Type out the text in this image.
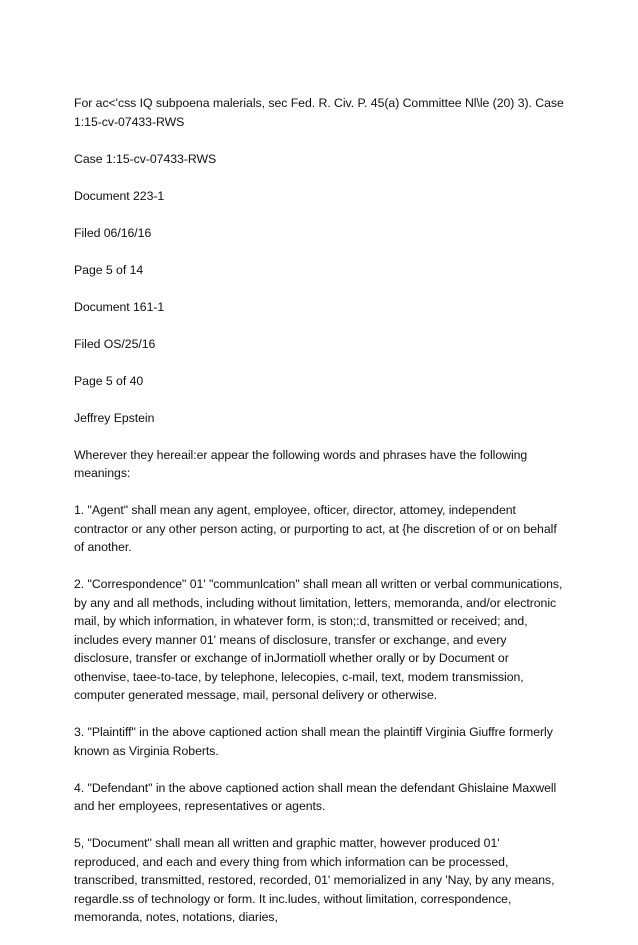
For ac<'css IQ subpoena malerials, sec Fed. R. Civ. P. 45(a) Committee Nl\le (20) 3). Case 1:15-cv-07433-RWS

Case 1:15-cv-07433-RWS

Document 223-1

Filed 06/16/16

Page 5 of 14

Document 161-1

Filed OS/25/16

Page 5 of 40

Jeffrey Epstein

Wherever they hereail:er appear the following words and phrases have the following meanings:

1. "Agent" shall mean any agent, employee, ofticer, director, attomey, independent contractor or any other person acting, or purporting to act, at {he discretion of or on behalf of another.

2. "Correspondence" 01' "communlcation" shall mean all written or verbal communications, by any and all methods, including without limitation, letters, memoranda, and/or electronic mail, by which information, in whatever form, is ston;:d, transmitted or received; and, includes every manner 01' means of disclosure, transfer or exchange, and every disclosure, transfer or exchange of inJormatioll whether orally or by Document or othenvise, taee-to-tace, by telephone, lelecopies, c-mail, text, modem transmission, computer generated message, mail, personal delivery or otherwise.

3. "Plaintiff" in the above captioned action shall mean the plaintiff Virginia Giuffre formerly known as Virginia Roberts.

4. "Defendant" in the above captioned action shall mean the defendant Ghislaine Maxwell and her employees, representatives or agents.

5, "Document" shall mean all written and graphic matter, however produced 01' reproduced, and each and every thing from which information can be processed, transcribed, transmitted, restored, recorded, 01' memorialized in any 'Nay, by any means, regardle.ss of technology or form. It inc.ludes, without limitation, correspondence, memoranda, notes, notations, diaries,
